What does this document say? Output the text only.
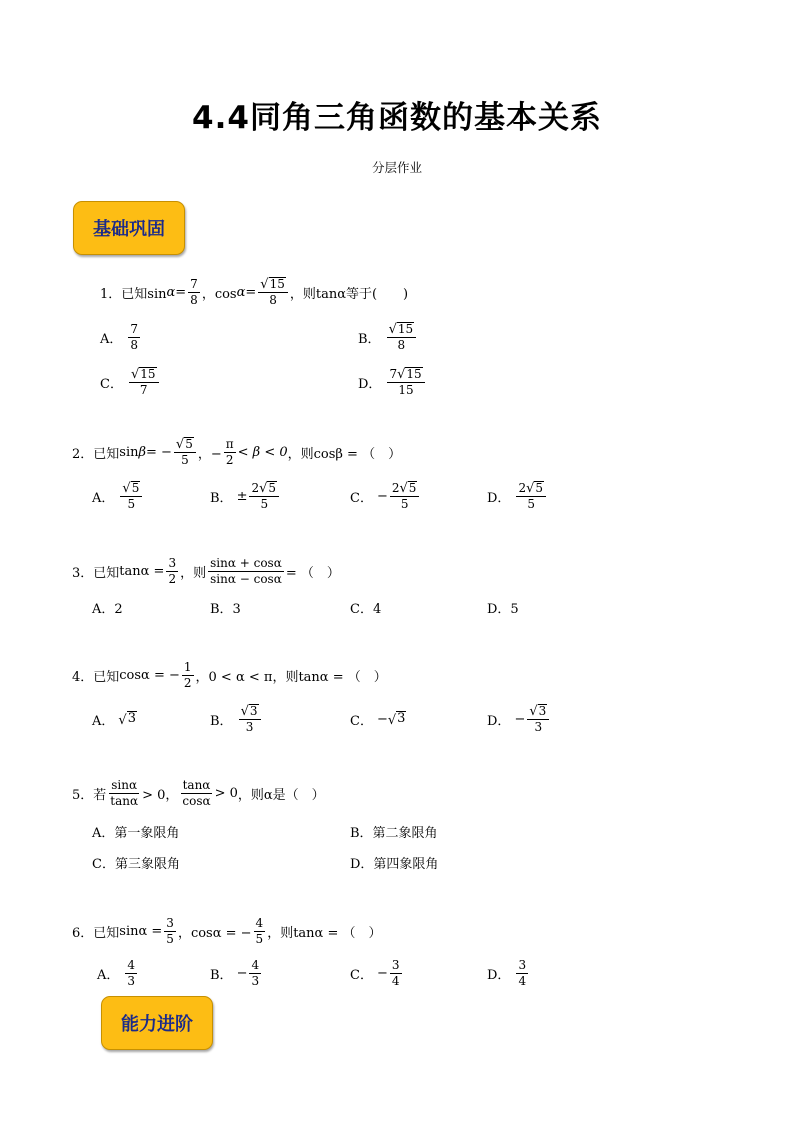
4.4同角三角函数的基本关系
分层作业
基础巩固
1． 已知$\sin \alpha = \frac{7}{8}$ ，$\cos \alpha = \frac{√ 15}{8}$ ，则tanα等于(　　)
A． $\frac{7}{8}$	B． $\frac{√ 15}{8}$
C． $\frac{√ 15}{7}$	D． $\frac{7 √ 15}{15}$
2．已知 sin β = − $\frac{√ 5}{5}$ ，− $\frac{\pi}{2} < \beta < 0$ ，则cosβ = （　）
A． $\frac{√ 5}{5}$	B． ± $\frac{2 √ 5}{5}$	C． − $\frac{2 √ 5}{5}$	D． $\frac{2 √ 5}{5}$
3．已知 $\tan\alpha = \frac{3}{2}$ ，则 $\frac{\sin\alpha + \cos\alpha}{\sin\alpha - \cos\alpha}$ = （　）
A．2	B．3	C．4	D．5
4．已知 cosα = − $\frac{1}{2}$ ，0 < α < π ，则tanα = （　）
A． √ 3	B． $\frac{√ 3}{3}$	C． − √ 3	D． − $\frac{√ 3}{3}$
5．若 $\frac{\sin\alpha}{\tan\alpha} > 0$， $\frac{\tan\alpha}{\cos\alpha} > 0$ ，则α是（　）
A．第一象限角	B．第二象限角
C．第三象限角	D．第四象限角
6．已知 $\sin\alpha = \frac{3}{5}$ ，cosα = − $\frac{4}{5}$ ，则tanα = （　）
A． $\frac{4}{3}$	B． − $\frac{4}{3}$	C． − $\frac{3}{4}$	D． $\frac{3}{4}$
能力进阶
